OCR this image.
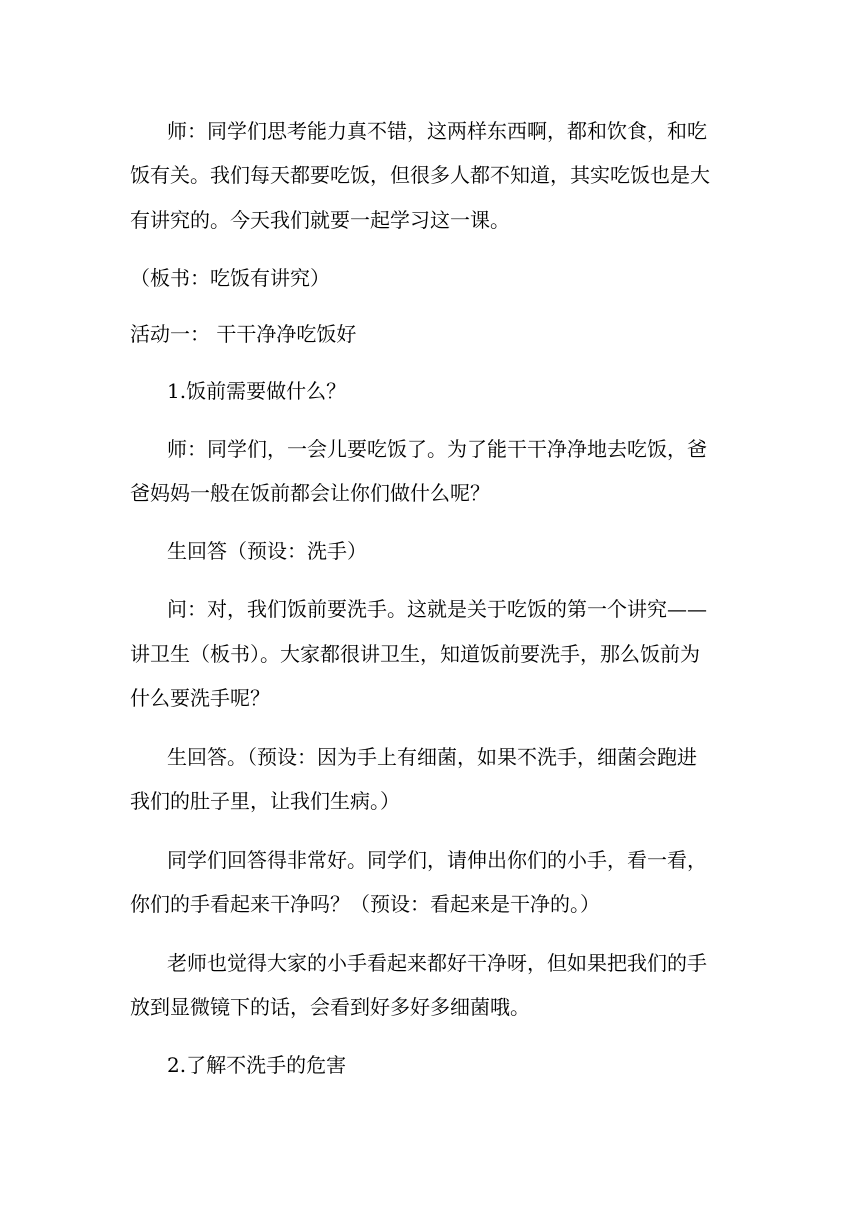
师：同学们思考能力真不错，这两样东西啊，都和饮食，和吃
饭有关。我们每天都要吃饭，但很多人都不知道，其实吃饭也是大
有讲究的。今天我们就要一起学习这一课。
（板书：吃饭有讲究）
活动一： 干干净净吃饭好
1.饭前需要做什么？
师：同学们，一会儿要吃饭了。为了能干干净净地去吃饭，爸
爸妈妈一般在饭前都会让你们做什么呢？
生回答（预设：洗手）
问：对，我们饭前要洗手。这就是关于吃饭的第一个讲究——
讲卫生（板书）。大家都很讲卫生，知道饭前要洗手，那么饭前为
什么要洗手呢？
生回答。（预设：因为手上有细菌，如果不洗手，细菌会跑进
我们的肚子里，让我们生病。）
同学们回答得非常好。同学们，请伸出你们的小手，看一看，
你们的手看起来干净吗？（预设：看起来是干净的。）
老师也觉得大家的小手看起来都好干净呀，但如果把我们的手
放到显微镜下的话，会看到好多好多细菌哦。
2.了解不洗手的危害
